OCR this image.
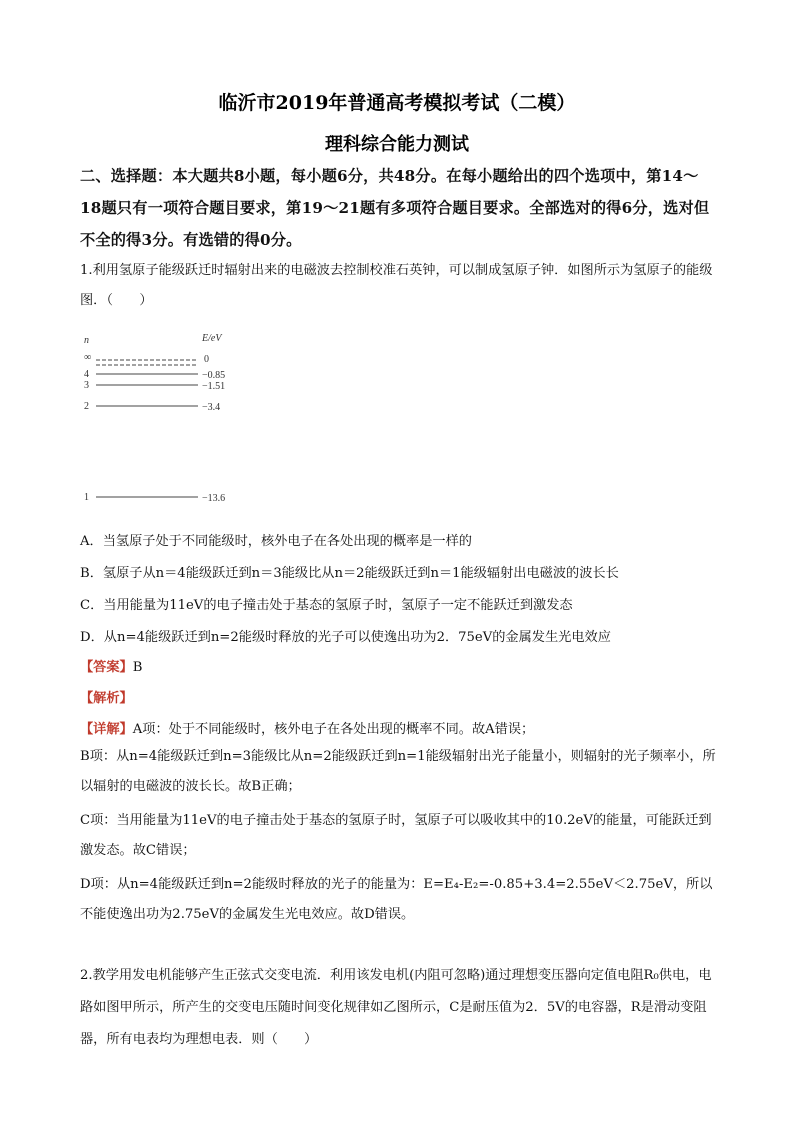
临沂市2019年普通高考模拟考试（二模）
理科综合能力测试
二、选择题：本大题共8小题，每小题6分，共48分。在每小题给出的四个选项中，第14～18题只有一项符合题目要求，第19～21题有多项符合题目要求。全部选对的得6分，选对但不全的得3分。有选错的得0分。
1.利用氢原子能级跃迁时辐射出来的电磁波去控制校准石英钟，可以制成氢原子钟．如图所示为氢原子的能级图．（　　）
n	E/eV
∞	0
4	−0.85
3	−1.51
2	−3.4
1	−13.6
A．当氢原子处于不同能级时，核外电子在各处出现的概率是一样的
B．氢原子从n＝4能级跃迁到n＝3能级比从n＝2能级跃迁到n＝1能级辐射出电磁波的波长长
C．当用能量为11eV的电子撞击处于基态的氢原子时，氢原子一定不能跃迁到激发态
D．从n=4能级跃迁到n=2能级时释放的光子可以使逸出功为2．75eV的金属发生光电效应
【答案】B
【解析】
【详解】A项：处于不同能级时，核外电子在各处出现的概率不同。故A错误；
B项：从n=4能级跃迁到n=3能级比从n=2能级跃迁到n=1能级辐射出光子能量小，则辐射的光子频率小，所以辐射的电磁波的波长长。故B正确；
C项：当用能量为11eV的电子撞击处于基态的氢原子时，氢原子可以吸收其中的10.2eV的能量，可能跃迁到激发态。故C错误；
D项：从n=4能级跃迁到n=2能级时释放的光子的能量为：E=E₄-E₂=-0.85+3.4=2.55eV＜2.75eV，所以不能使逸出功为2.75eV的金属发生光电效应。故D错误。
2.教学用发电机能够产生正弦式交变电流．利用该发电机(内阻可忽略)通过理想变压器向定值电阻R₀供电，电路如图甲所示，所产生的交变电压随时间变化规律如乙图所示，C是耐压值为2．5V的电容器，R是滑动变阻器，所有电表均为理想电表．则（　　）
